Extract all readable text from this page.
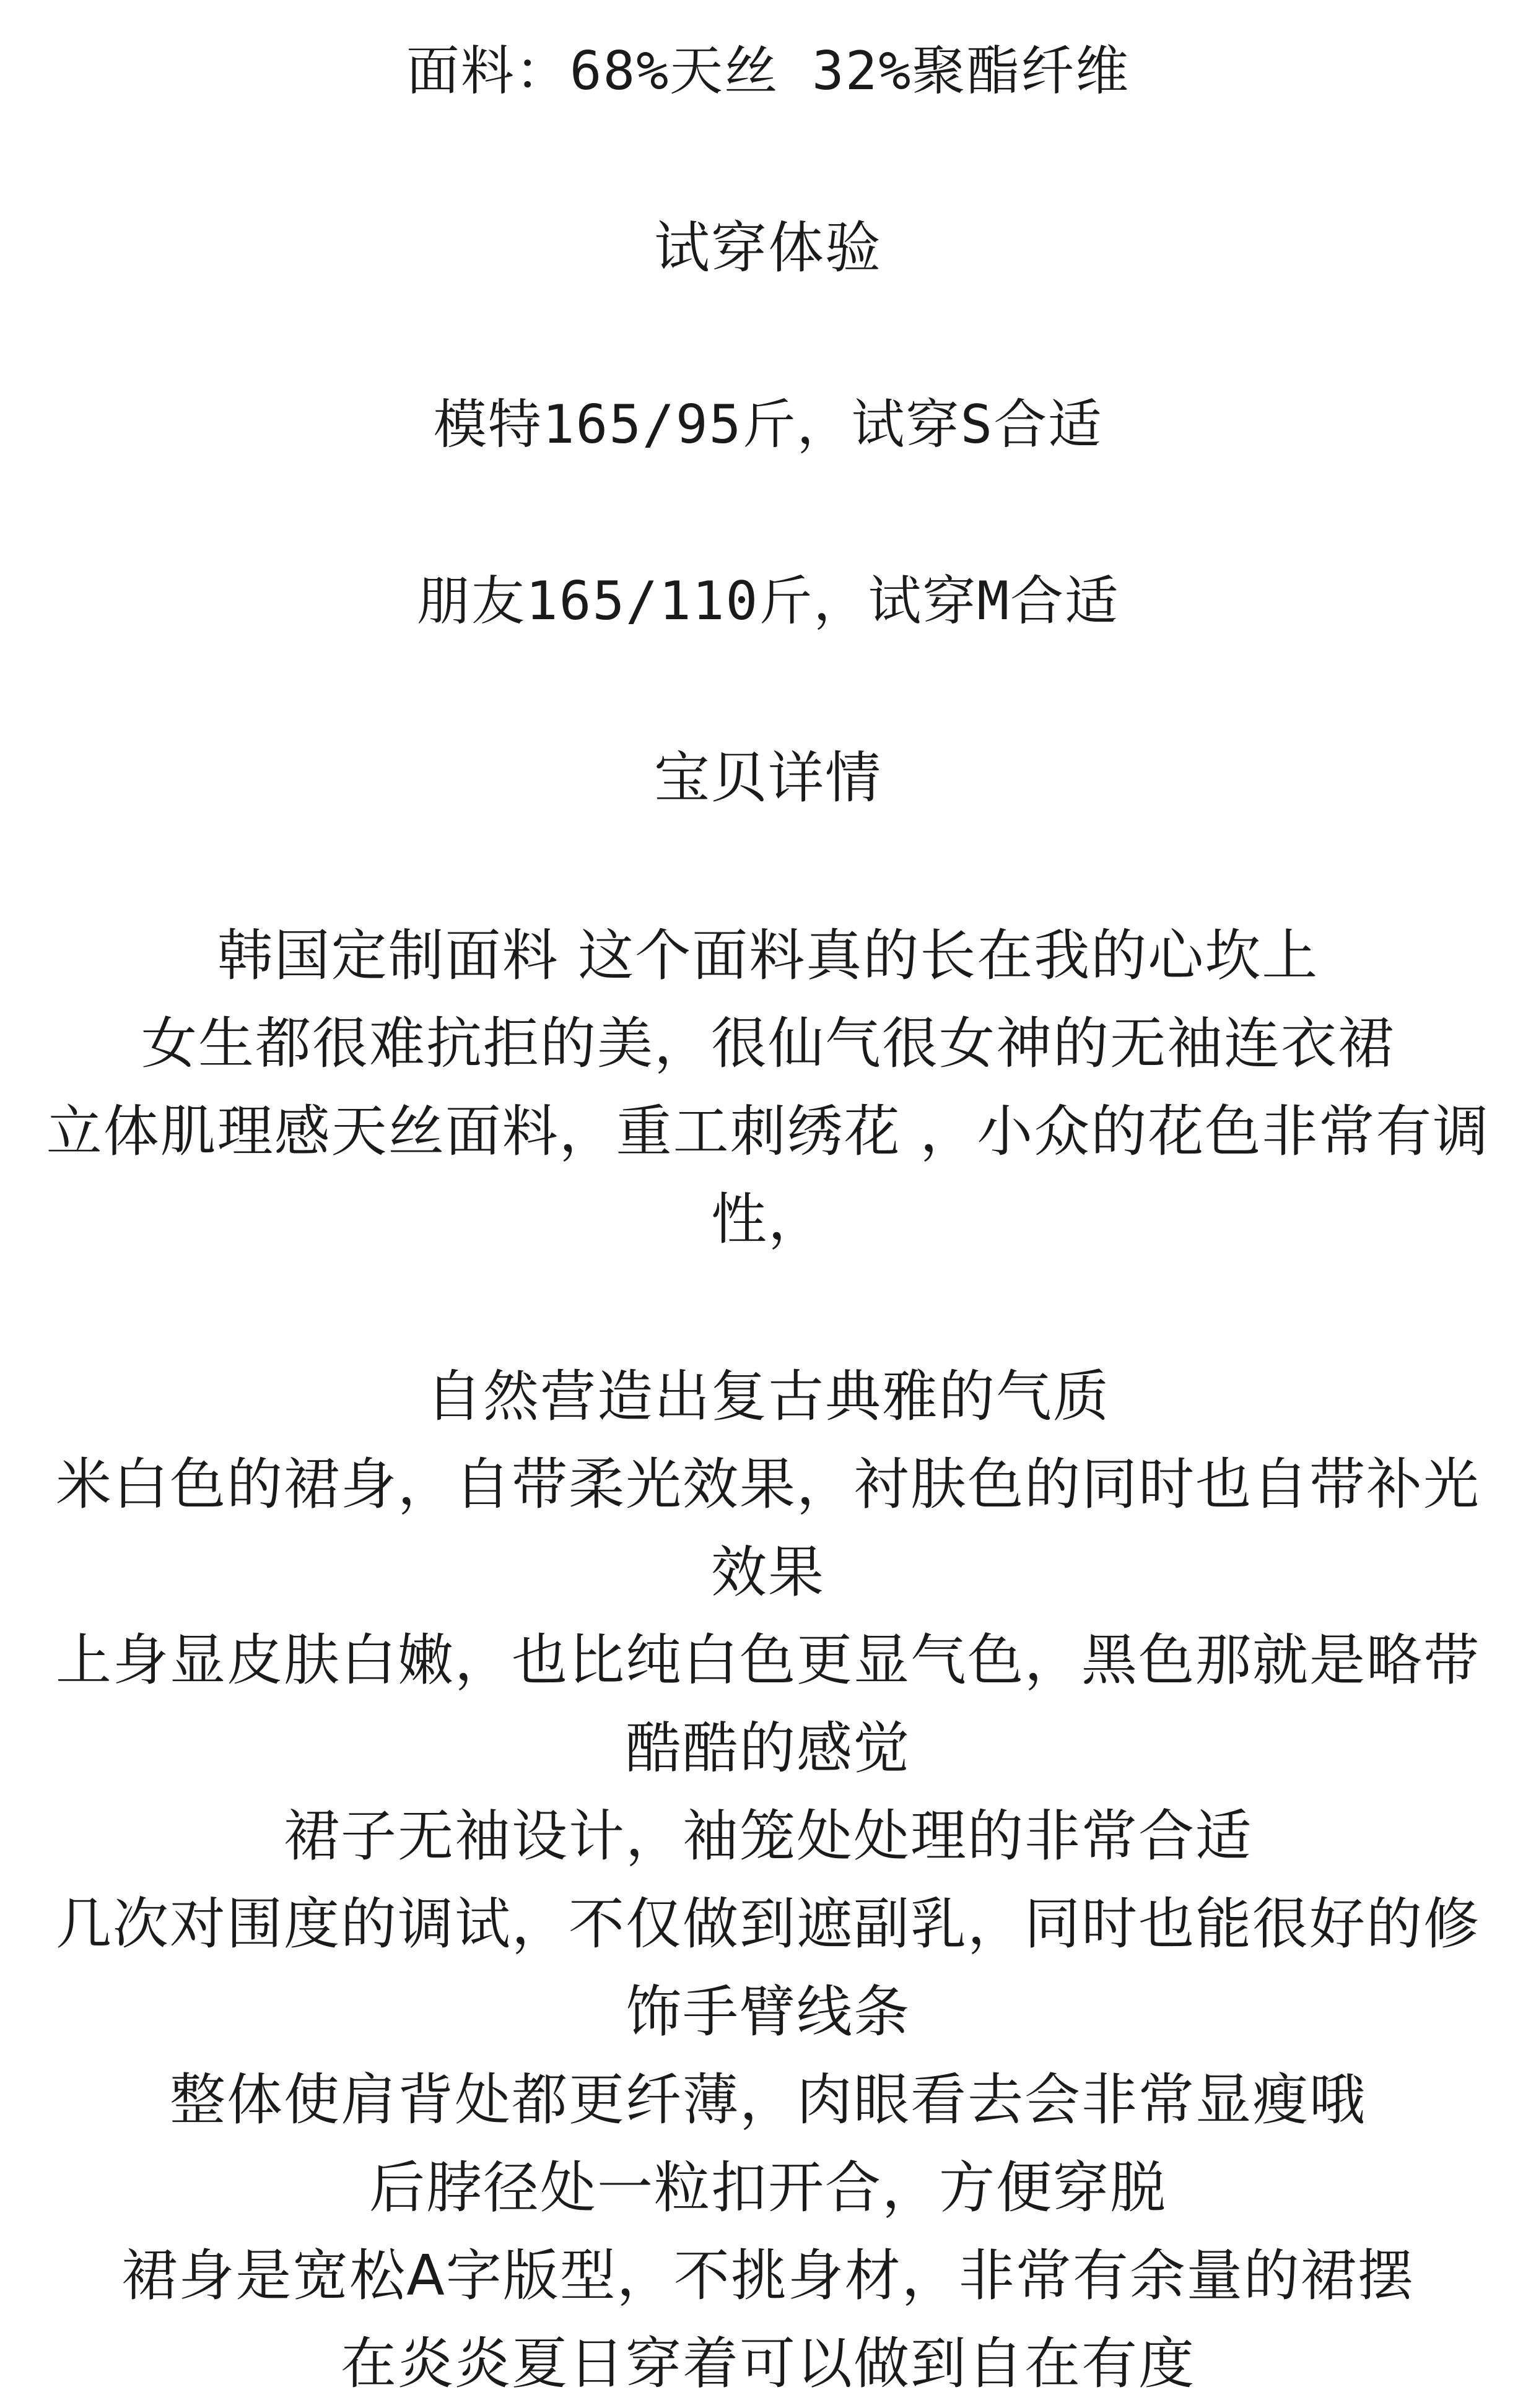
面料：68%天丝 32%聚酯纤维
试穿体验
模特165/95斤，试穿S合适
朋友165/110斤，试穿M合适
宝贝详情
韩国定制面料 这个面料真的长在我的心坎上
女生都很难抗拒的美，很仙气很女神的无袖连衣裙
立体肌理感天丝面料，重工刺绣花 ，小众的花色非常有调
性，
自然营造出复古典雅的气质
米白色的裙身，自带柔光效果，衬肤色的同时也自带补光
效果
上身显皮肤白嫩，也比纯白色更显气色，黑色那就是略带
酷酷的感觉
裙子无袖设计，袖笼处处理的非常合适
几次对围度的调试，不仅做到遮副乳，同时也能很好的修
饰手臂线条
整体使肩背处都更纤薄，肉眼看去会非常显瘦哦
后脖径处一粒扣开合，方便穿脱
裙身是宽松A字版型，不挑身材，非常有余量的裙摆
在炎炎夏日穿着可以做到自在有度
